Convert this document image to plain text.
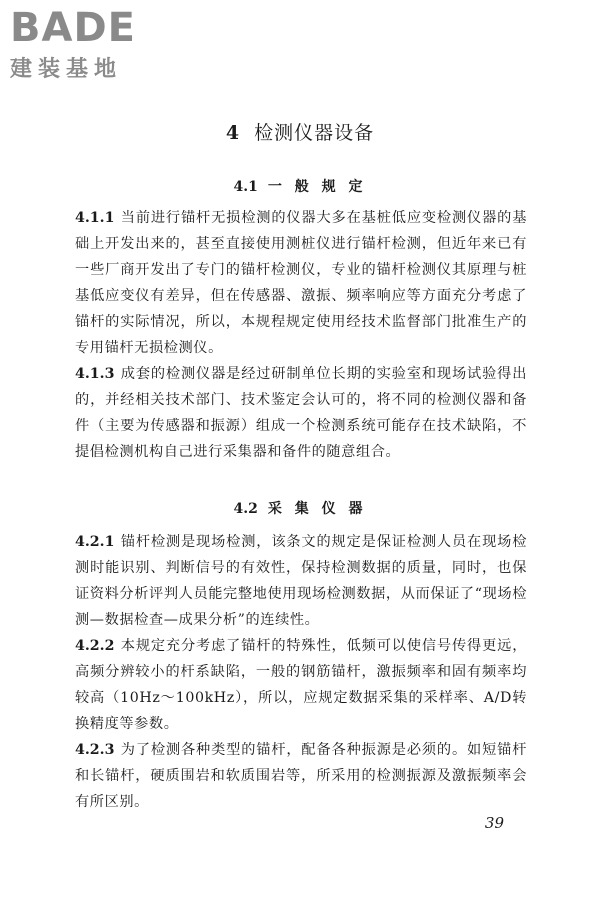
BADE
建装基地
4 检测仪器设备
4.1 一 般 规 定
4.1.1 当前进行锚杆无损检测的仪器大多在基桩低应变检测仪器的基础上开发出来的，甚至直接使用测桩仪进行锚杆检测，但近年来已有一些厂商开发出了专门的锚杆检测仪，专业的锚杆检测仪其原理与桩基低应变仪有差异，但在传感器、激振、频率响应等方面充分考虑了锚杆的实际情况，所以，本规程规定使用经技术监督部门批准生产的专用锚杆无损检测仪。
4.1.3 成套的检测仪器是经过研制单位长期的实验室和现场试验得出的，并经相关技术部门、技术鉴定会认可的，将不同的检测仪器和备件（主要为传感器和振源）组成一个检测系统可能存在技术缺陷，不提倡检测机构自己进行采集器和备件的随意组合。
4.2 采 集 仪 器
4.2.1 锚杆检测是现场检测，该条文的规定是保证检测人员在现场检测时能识别、判断信号的有效性，保持检测数据的质量，同时，也保证资料分析评判人员能完整地使用现场检测数据，从而保证了“现场检测—数据检查—成果分析”的连续性。
4.2.2 本规定充分考虑了锚杆的特殊性，低频可以使信号传得更远，高频分辨较小的杆系缺陷，一般的钢筋锚杆，激振频率和固有频率均较高（10Hz～100kHz），所以，应规定数据采集的采样率、A/D转换精度等参数。
4.2.3 为了检测各种类型的锚杆，配备各种振源是必须的。如短锚杆和长锚杆，硬质围岩和软质围岩等，所采用的检测振源及激振频率会有所区别。
39
